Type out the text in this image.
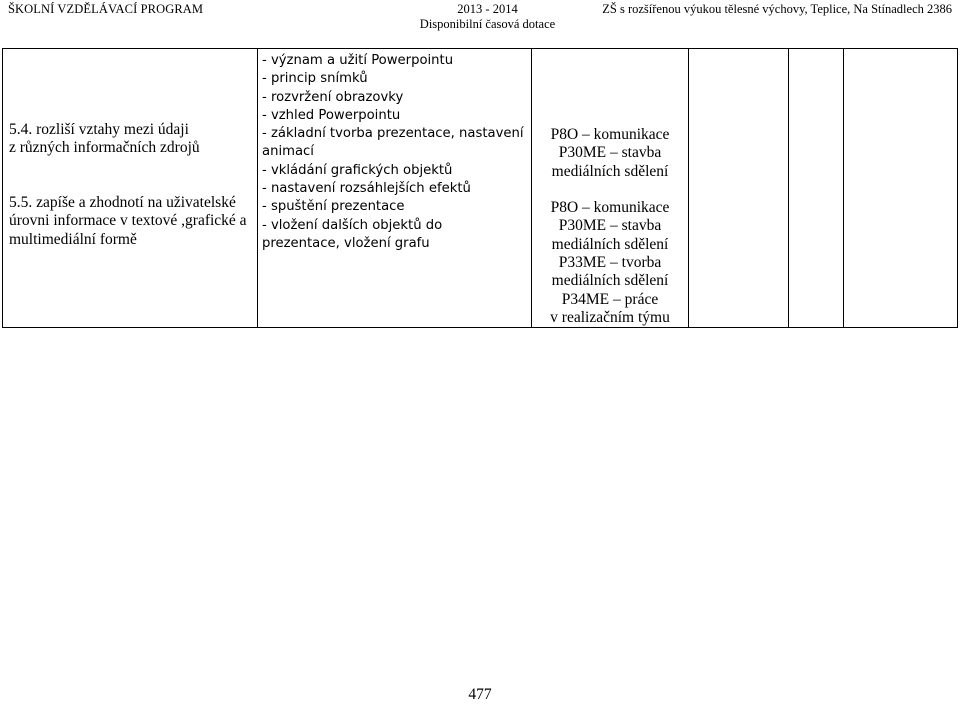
ŠKOLNÍ VZDĚLÁVACÍ PROGRAM	2013 - 2014
Disponibilní časová dotace
ZŠ s rozšířenou výukou tělesné výchovy, Teplice, Na Stínadlech 2386
5.4. rozliší vztahy mezi údaji
z různých informačních zdrojů
5.5. zapíše a zhodnotí na uživatelské
úrovni informace v textové ,grafické a
multimediální formě

- význam a užití Powerpointu
- princip snímků
- rozvržení obrazovky
- vzhled Powerpointu
- základní tvorba prezentace, nastavení
animací
- vkládání grafických objektů
- nastavení rozsáhlejších efektů
- spuštění prezentace
- vložení dalších objektů do
prezentace, vložení grafu

P8O – komunikace
P30ME – stavba
mediálních sdělení
P8O – komunikace
P30ME – stavba
mediálních sdělení
P33ME – tvorba
mediálních sdělení
P34ME – práce
v realizačním týmu

477
